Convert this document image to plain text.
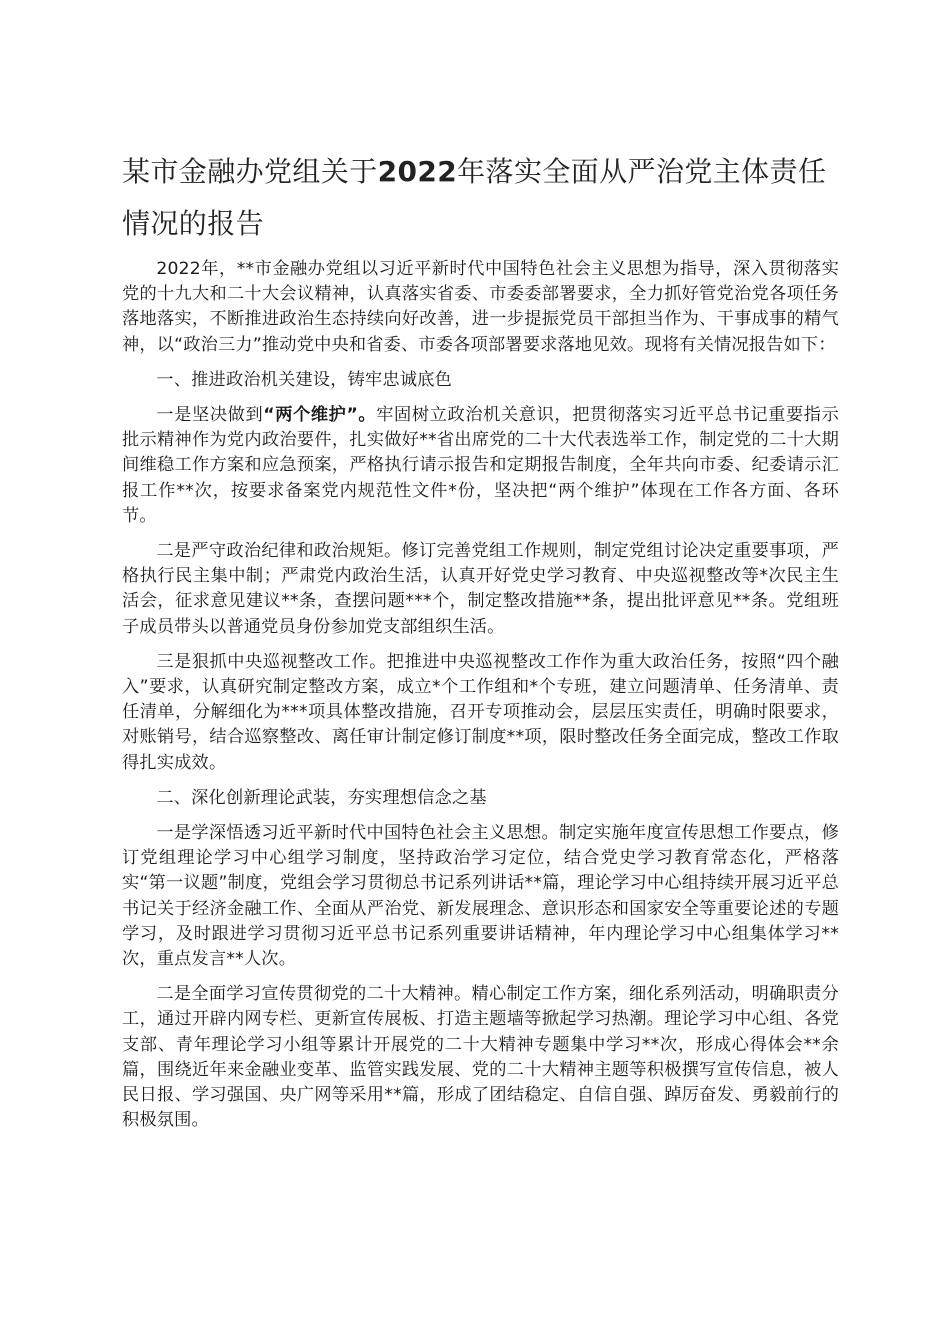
某市金融办党组关于2022年落实全面从严治党主体责任情况的报告

2022年，**市金融办党组以习近平新时代中国特色社会主义思想为指导，深入贯彻落实党的十九大和二十大会议精神，认真落实省委、市委委部署要求，全力抓好管党治党各项任务落地落实，不断推进政治生态持续向好改善，进一步提振党员干部担当作为、干事成事的精气神，以“政治三力”推动党中央和省委、市委各项部署要求落地见效。现将有关情况报告如下：

一、推进政治机关建设，铸牢忠诚底色

一是坚决做到“两个维护”。牢固树立政治机关意识，把贯彻落实习近平总书记重要指示批示精神作为党内政治要件，扎实做好**省出席党的二十大代表选举工作，制定党的二十大期间维稳工作方案和应急预案，严格执行请示报告和定期报告制度，全年共向市委、纪委请示汇报工作**次，按要求备案党内规范性文件*份，坚决把“两个维护”体现在工作各方面、各环节。

二是严守政治纪律和政治规矩。修订完善党组工作规则，制定党组讨论决定重要事项，严格执行民主集中制；严肃党内政治生活，认真开好党史学习教育、中央巡视整改等*次民主生活会，征求意见建议**条，查摆问题***个，制定整改措施**条，提出批评意见**条。党组班子成员带头以普通党员身份参加党支部组织生活。

三是狠抓中央巡视整改工作。把推进中央巡视整改工作作为重大政治任务，按照“四个融入”要求，认真研究制定整改方案，成立*个工作组和*个专班，建立问题清单、任务清单、责任清单，分解细化为***项具体整改措施，召开专项推动会，层层压实责任，明确时限要求，对账销号，结合巡察整改、离任审计制定修订制度**项，限时整改任务全面完成，整改工作取得扎实成效。

二、深化创新理论武装，夯实理想信念之基

一是学深悟透习近平新时代中国特色社会主义思想。制定实施年度宣传思想工作要点，修订党组理论学习中心组学习制度，坚持政治学习定位，结合党史学习教育常态化，严格落实“第一议题”制度，党组会学习贯彻总书记系列讲话**篇，理论学习中心组持续开展习近平总书记关于经济金融工作、全面从严治党、新发展理念、意识形态和国家安全等重要论述的专题学习，及时跟进学习贯彻习近平总书记系列重要讲话精神，年内理论学习中心组集体学习**次，重点发言**人次。

二是全面学习宣传贯彻党的二十大精神。精心制定工作方案，细化系列活动，明确职责分工，通过开辟内网专栏、更新宣传展板、打造主题墙等掀起学习热潮。理论学习中心组、各党支部、青年理论学习小组等累计开展党的二十大精神专题集中学习**次，形成心得体会**余篇，围绕近年来金融业变革、监管实践发展、党的二十大精神主题等积极撰写宣传信息，被人民日报、学习强国、央广网等采用**篇，形成了团结稳定、自信自强、踔厉奋发、勇毅前行的积极氛围。
